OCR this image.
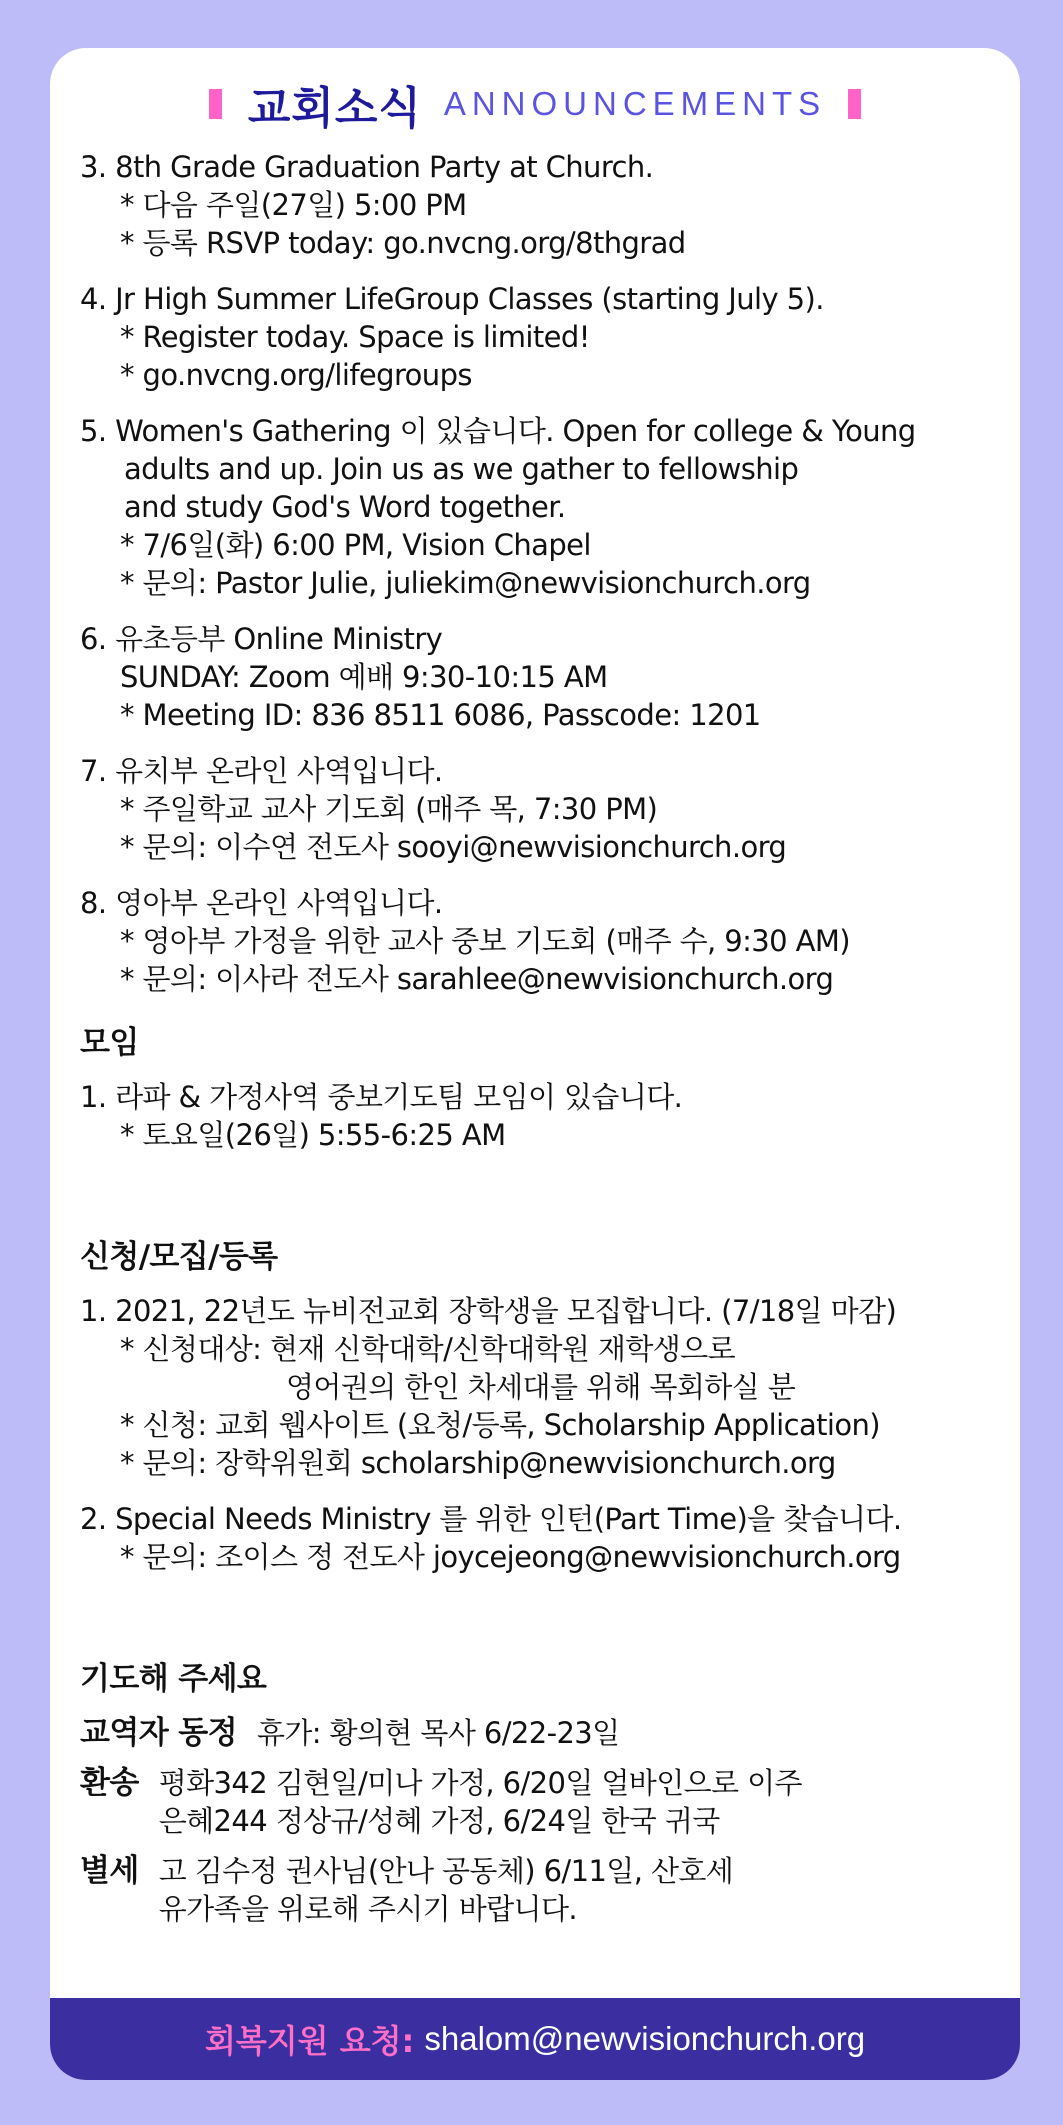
교회소식 ANNOUNCEMENTS
3. 8th Grade Graduation Party at Church.
* 다음 주일(27일) 5:00 PM
* 등록 RSVP today: go.nvcng.org/8thgrad
4. Jr High Summer LifeGroup Classes (starting July 5).
* Register today. Space is limited!
* go.nvcng.org/lifegroups
5. Women's Gathering 이 있습니다. Open for college & Young
adults and up. Join us as we gather to fellowship
and study God's Word together.
* 7/6일(화) 6:00 PM, Vision Chapel
* 문의: Pastor Julie, juliekim@newvisionchurch.org
6. 유초등부 Online Ministry
SUNDAY: Zoom 예배 9:30-10:15 AM
* Meeting ID: 836 8511 6086, Passcode: 1201
7. 유치부 온라인 사역입니다.
* 주일학교 교사 기도회 (매주 목, 7:30 PM)
* 문의: 이수연 전도사 sooyi@newvisionchurch.org
8. 영아부 온라인 사역입니다.
* 영아부 가정을 위한 교사 중보 기도회 (매주 수, 9:30 AM)
* 문의: 이사라 전도사 sarahlee@newvisionchurch.org
모임
1. 라파 & 가정사역 중보기도팀 모임이 있습니다.
* 토요일(26일) 5:55-6:25 AM
신청/모집/등록
1. 2021, 22년도 뉴비전교회 장학생을 모집합니다. (7/18일 마감)
* 신청대상: 현재 신학대학/신학대학원 재학생으로
영어권의 한인 차세대를 위해 목회하실 분
* 신청: 교회 웹사이트 (요청/등록, Scholarship Application)
* 문의: 장학위원회 scholarship@newvisionchurch.org
2. Special Needs Ministry 를 위한 인턴(Part Time)을 찾습니다.
* 문의: 조이스 정 전도사 joycejeong@newvisionchurch.org
기도해 주세요
교역자 동정 휴가: 황의현 목사 6/22-23일
환송 평화342 김현일/미나 가정, 6/20일 얼바인으로 이주
은혜244 정상규/성혜 가정, 6/24일 한국 귀국
별세 고 김수정 권사님(안나 공동체) 6/11일, 산호세
유가족을 위로해 주시기 바랍니다.
회복지원 요청: shalom@newvisionchurch.org
